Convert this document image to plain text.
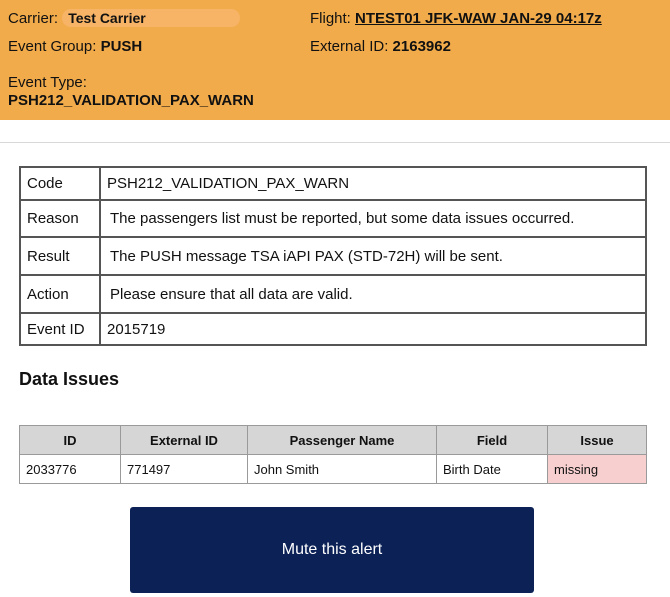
Carrier: Test Carrier	Flight: NTEST01 JFK-WAW JAN-29 04:17z
Event Group: PUSH	External ID: 2163962
Event Type:
PSH212_VALIDATION_PAX_WARN
Code	PSH212_VALIDATION_PAX_WARN
Reason	The passengers list must be reported, but some data issues occurred.
Result	The PUSH message TSA iAPI PAX (STD-72H) will be sent.
Action	Please ensure that all data are valid.
Event ID	2015719
Data Issues
ID	External ID	Passenger Name	Field	Issue
2033776	771497	John Smith	Birth Date	missing
Mute this alert
